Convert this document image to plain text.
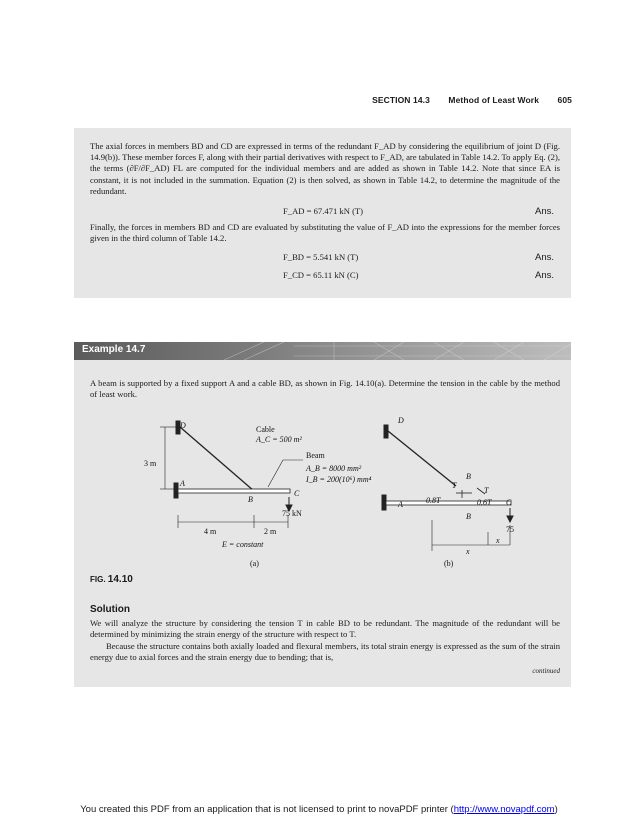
SECTION 14.3 Method of Least Work 605

The axial forces in members BD and CD are expressed in terms of the redundant F_AD by considering the equilibrium of joint D (Fig. 14.9(b)). These member forces F, along with their partial derivatives with respect to F_AD, are tabulated in Table 14.2. To apply Eq. (2), the terms (∂F/∂F_AD) FL are computed for the individual members and are added as shown in Table 14.2. Note that since EA is constant, it is not included in the summation. Equation (2) is then solved, as shown in Table 14.2, to determine the magnitude of the redundant.

F_AD = 67.471 kN (T)	Ans.

Finally, the forces in members BD and CD are evaluated by substituting the value of F_AD into the expressions for the member forces given in the third column of Table 14.2.

F_BD = 5.541 kN (T)	Ans.
F_CD = 65.11 kN (C)	Ans.
Example 14.7

A beam is supported by a fixed support A and a cable BD, as shown in Fig. 14.10(a). Determine the tension in the cable by the method of least work.

D	Cable
A_C = 500 m²
3 m
Beam
A_B = 8000 mm²
I_B = 200(10⁶) mm⁴
A
B
C
75 kN
4 m	2 m
E = constant
(a)
D
B
T
T
0.8T	0.6T C
A
B
75
x
x
(b)
FIG. 14.10
Solution

We will analyze the structure by considering the tension T in cable BD to be redundant. The magnitude of the redundant will be determined by minimizing the strain energy of the structure with respect to T.

Because the structure contains both axially loaded and flexural members, its total strain energy is expressed as the sum of the strain energy due to axial forces and the strain energy due to bending; that is,

continued
You created this PDF from an application that is not licensed to print to novaPDF printer (http://www.novapdf.com)
